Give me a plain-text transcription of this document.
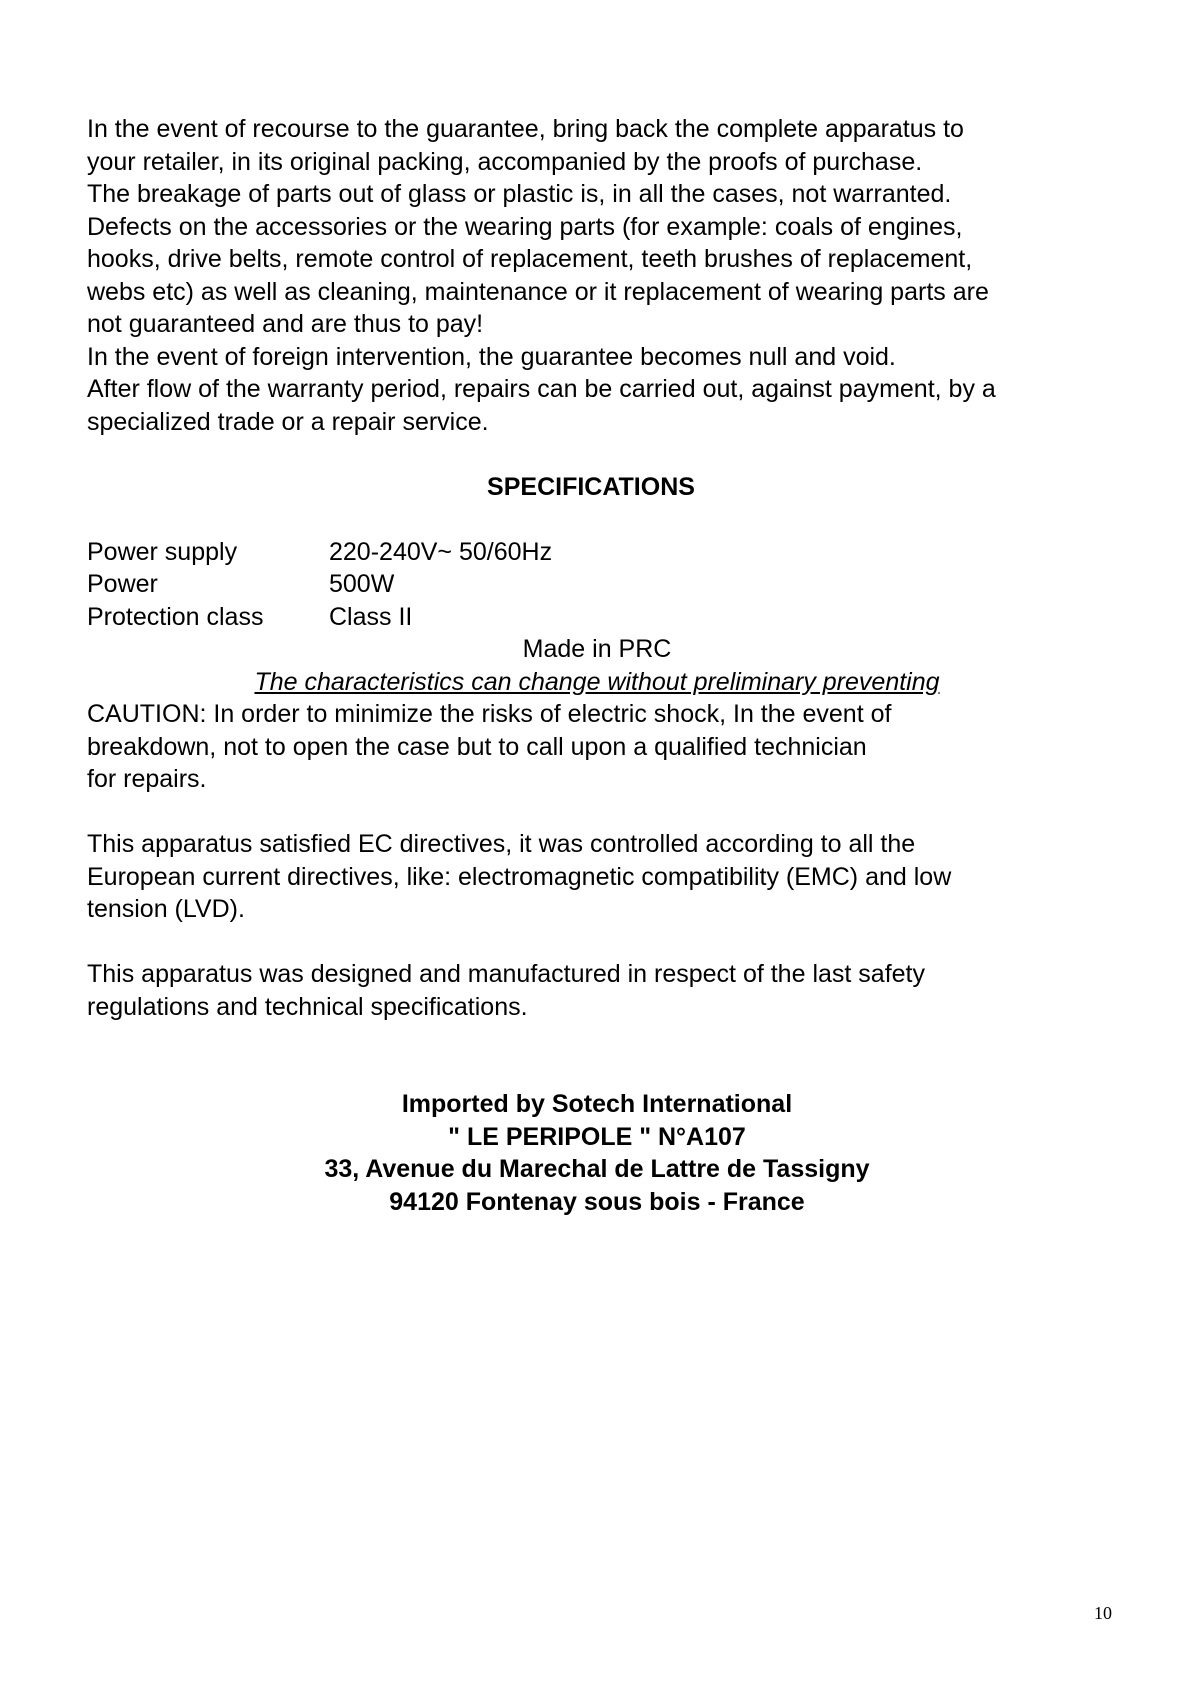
In the event of recourse to the guarantee, bring back the complete apparatus to
your retailer, in its original packing, accompanied by the proofs of purchase.
The breakage of parts out of glass or plastic is, in all the cases, not warranted.
Defects on the accessories or the wearing parts (for example: coals of engines,
hooks, drive belts, remote control of replacement, teeth brushes of replacement,
webs etc) as well as cleaning, maintenance or it replacement of wearing parts are
not guaranteed and are thus to pay!
In the event of foreign intervention, the guarantee becomes null and void.
After flow of the warranty period, repairs can be carried out, against payment, by a
specialized trade or a repair service.
SPECIFICATIONS
Power supply	220-240V~ 50/60Hz
Power	500W
Protection class	Class II
Made in PRC
The characteristics can change without preliminary preventing
CAUTION: In order to minimize the risks of electric shock, In the event of
breakdown, not to open the case but to call upon a qualified technician
for repairs.
This apparatus satisfied EC directives, it was controlled according to all the
European current directives, like: electromagnetic compatibility (EMC) and low
tension (LVD).
This apparatus was designed and manufactured in respect of the last safety
regulations and technical specifications.
Imported by Sotech International
" LE PERIPOLE " N°A107
33, Avenue du Marechal de Lattre de Tassigny
94120 Fontenay sous bois - France
10
